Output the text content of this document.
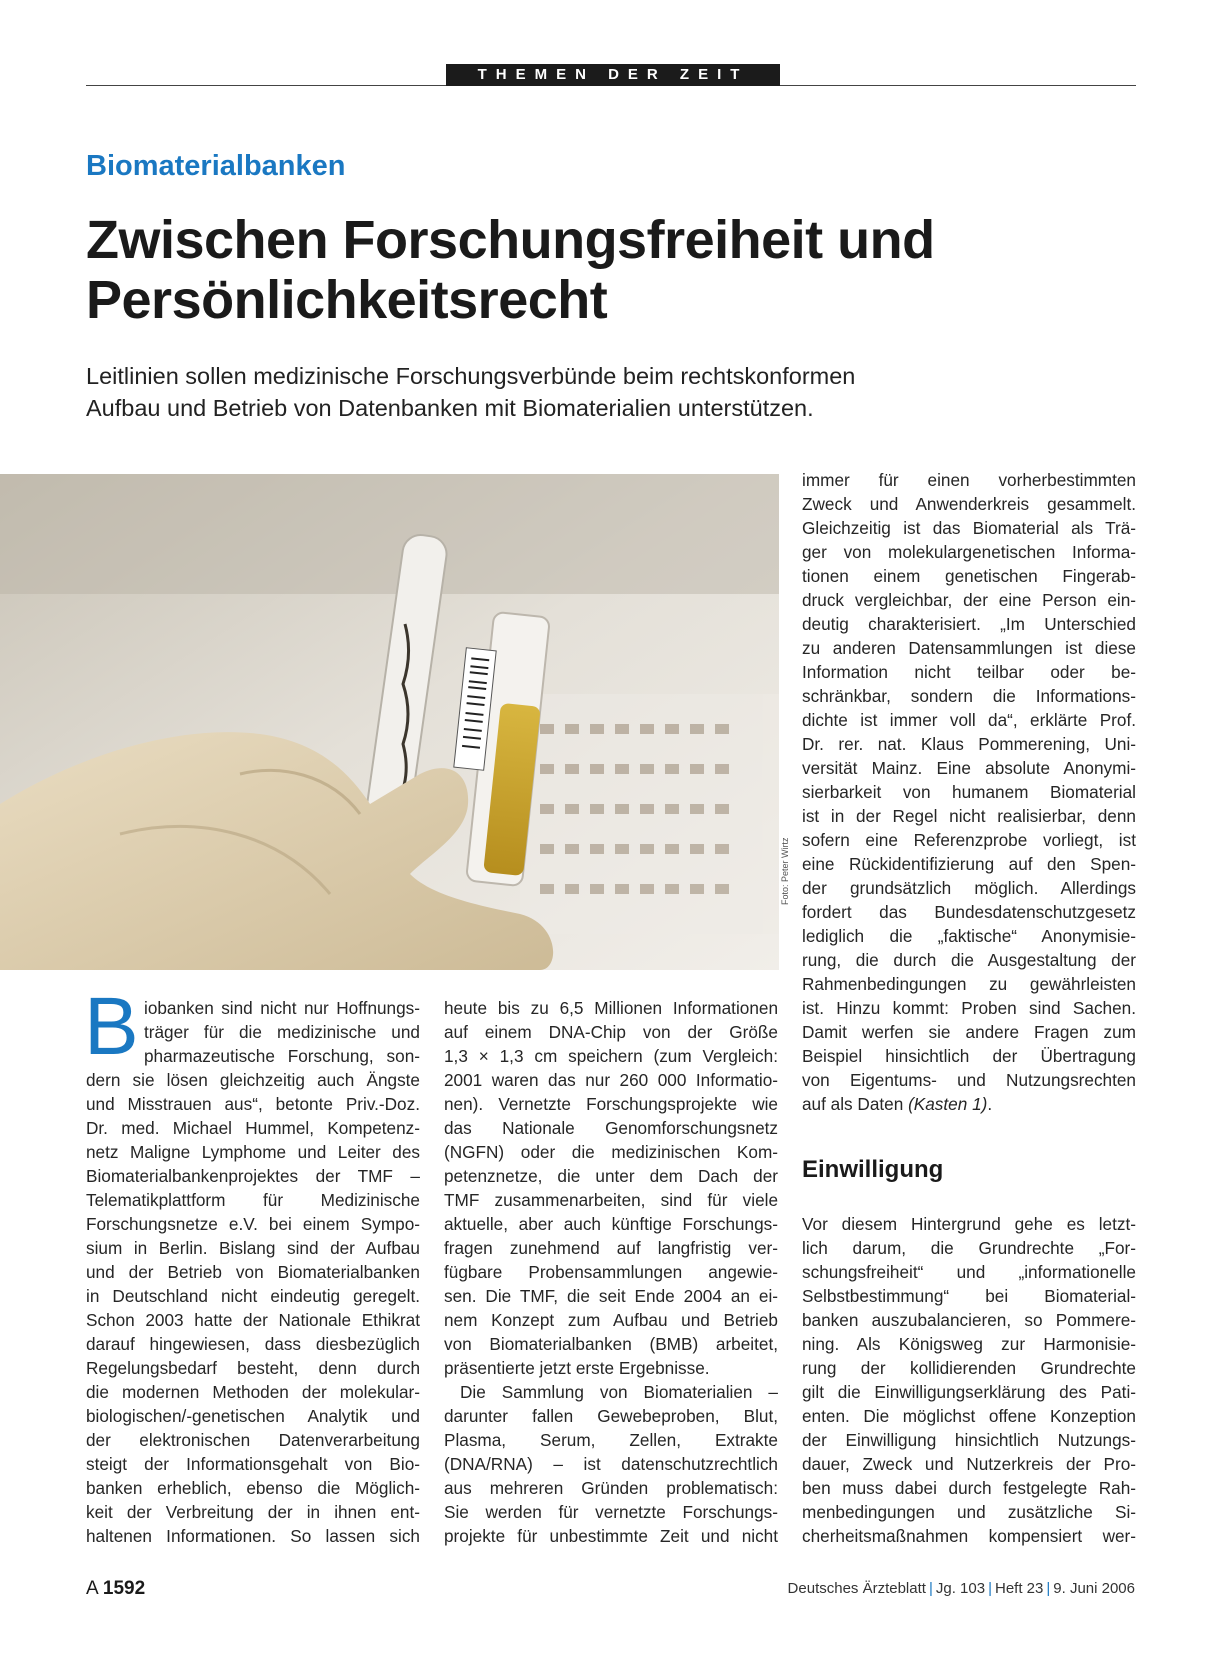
THEMEN DER ZEIT
Biomaterialbanken
Zwischen Forschungsfreiheit und
Persönlichkeitsrecht

Leitlinien sollen medizinische Forschungsverbünde beim rechtskonformen
Aufbau und Betrieb von Datenbanken mit Biomaterialien unterstützen.

Foto: Peter Wirtz
B iobanken sind nicht nur Hoffnungs-
träger für die medizinische und
pharmazeutische Forschung, son-
dern sie lösen gleichzeitig auch Ängste
und Misstrauen aus“, betonte Priv.-Doz.
Dr. med. Michael Hummel, Kompetenz-
netz Maligne Lymphome und Leiter des
Biomaterialbankenprojektes der TMF –
Telematikplattform für Medizinische
Forschungsnetze e.V. bei einem Sympo-
sium in Berlin. Bislang sind der Aufbau
und der Betrieb von Biomaterialbanken
in Deutschland nicht eindeutig geregelt.
Schon 2003 hatte der Nationale Ethikrat
darauf hingewiesen, dass diesbezüglich
Regelungsbedarf besteht, denn durch
die modernen Methoden der molekular-
biologischen/-genetischen Analytik und
der elektronischen Datenverarbeitung
steigt der Informationsgehalt von Bio-
banken erheblich, ebenso die Möglich-
keit der Verbreitung der in ihnen ent-
haltenen Informationen. So lassen sich
heute bis zu 6,5 Millionen Informationen
auf einem DNA-Chip von der Größe
1,3 × 1,3 cm speichern (zum Vergleich:
2001 waren das nur 260 000 Informatio-
nen). Vernetzte Forschungsprojekte wie
das Nationale Genomforschungsnetz
(NGFN) oder die medizinischen Kom-
petenznetze, die unter dem Dach der
TMF zusammenarbeiten, sind für viele
aktuelle, aber auch künftige Forschungs-
fragen zunehmend auf langfristig ver-
fügbare Probensammlungen angewie-
sen. Die TMF, die seit Ende 2004 an ei-
nem Konzept zum Aufbau und Betrieb
von Biomaterialbanken (BMB) arbeitet,
präsentierte jetzt erste Ergebnisse.
Die Sammlung von Biomaterialien –
darunter fallen Gewebeproben, Blut,
Plasma, Serum, Zellen, Extrakte
(DNA/RNA) – ist datenschutzrechtlich
aus mehreren Gründen problematisch:
Sie werden für vernetzte Forschungs-
projekte für unbestimmte Zeit und nicht
immer für einen vorherbestimmten
Zweck und Anwenderkreis gesammelt.
Gleichzeitig ist das Biomaterial als Trä-
ger von molekulargenetischen Informa-
tionen einem genetischen Fingerab-
druck vergleichbar, der eine Person ein-
deutig charakterisiert. „Im Unterschied
zu anderen Datensammlungen ist diese
Information nicht teilbar oder be-
schränkbar, sondern die Informations-
dichte ist immer voll da“, erklärte Prof.
Dr. rer. nat. Klaus Pommerening, Uni-
versität Mainz. Eine absolute Anonymi-
sierbarkeit von humanem Biomaterial
ist in der Regel nicht realisierbar, denn
sofern eine Referenzprobe vorliegt, ist
eine Rückidentifizierung auf den Spen-
der grundsätzlich möglich. Allerdings
fordert das Bundesdatenschutzgesetz
lediglich die „faktische“ Anonymisie-
rung, die durch die Ausgestaltung der
Rahmenbedingungen zu gewährleisten
ist. Hinzu kommt: Proben sind Sachen.
Damit werfen sie andere Fragen zum
Beispiel hinsichtlich der Übertragung
von Eigentums- und Nutzungsrechten
auf als Daten (Kasten 1).
Einwilligung
Vor diesem Hintergrund gehe es letzt-
lich darum, die Grundrechte „For-
schungsfreiheit“ und „informationelle
Selbstbestimmung“ bei Biomaterial-
banken auszubalancieren, so Pommere-
ning. Als Königsweg zur Harmonisie-
rung der kollidierenden Grundrechte
gilt die Einwilligungserklärung des Pati-
enten. Die möglichst offene Konzeption
der Einwilligung hinsichtlich Nutzungs-
dauer, Zweck und Nutzerkreis der Pro-
ben muss dabei durch festgelegte Rah-
menbedingungen und zusätzliche Si-
cherheitsmaßnahmen kompensiert wer-
A 1592	Deutsches Ärzteblatt | Jg. 103 | Heft 23 | 9. Juni 2006
